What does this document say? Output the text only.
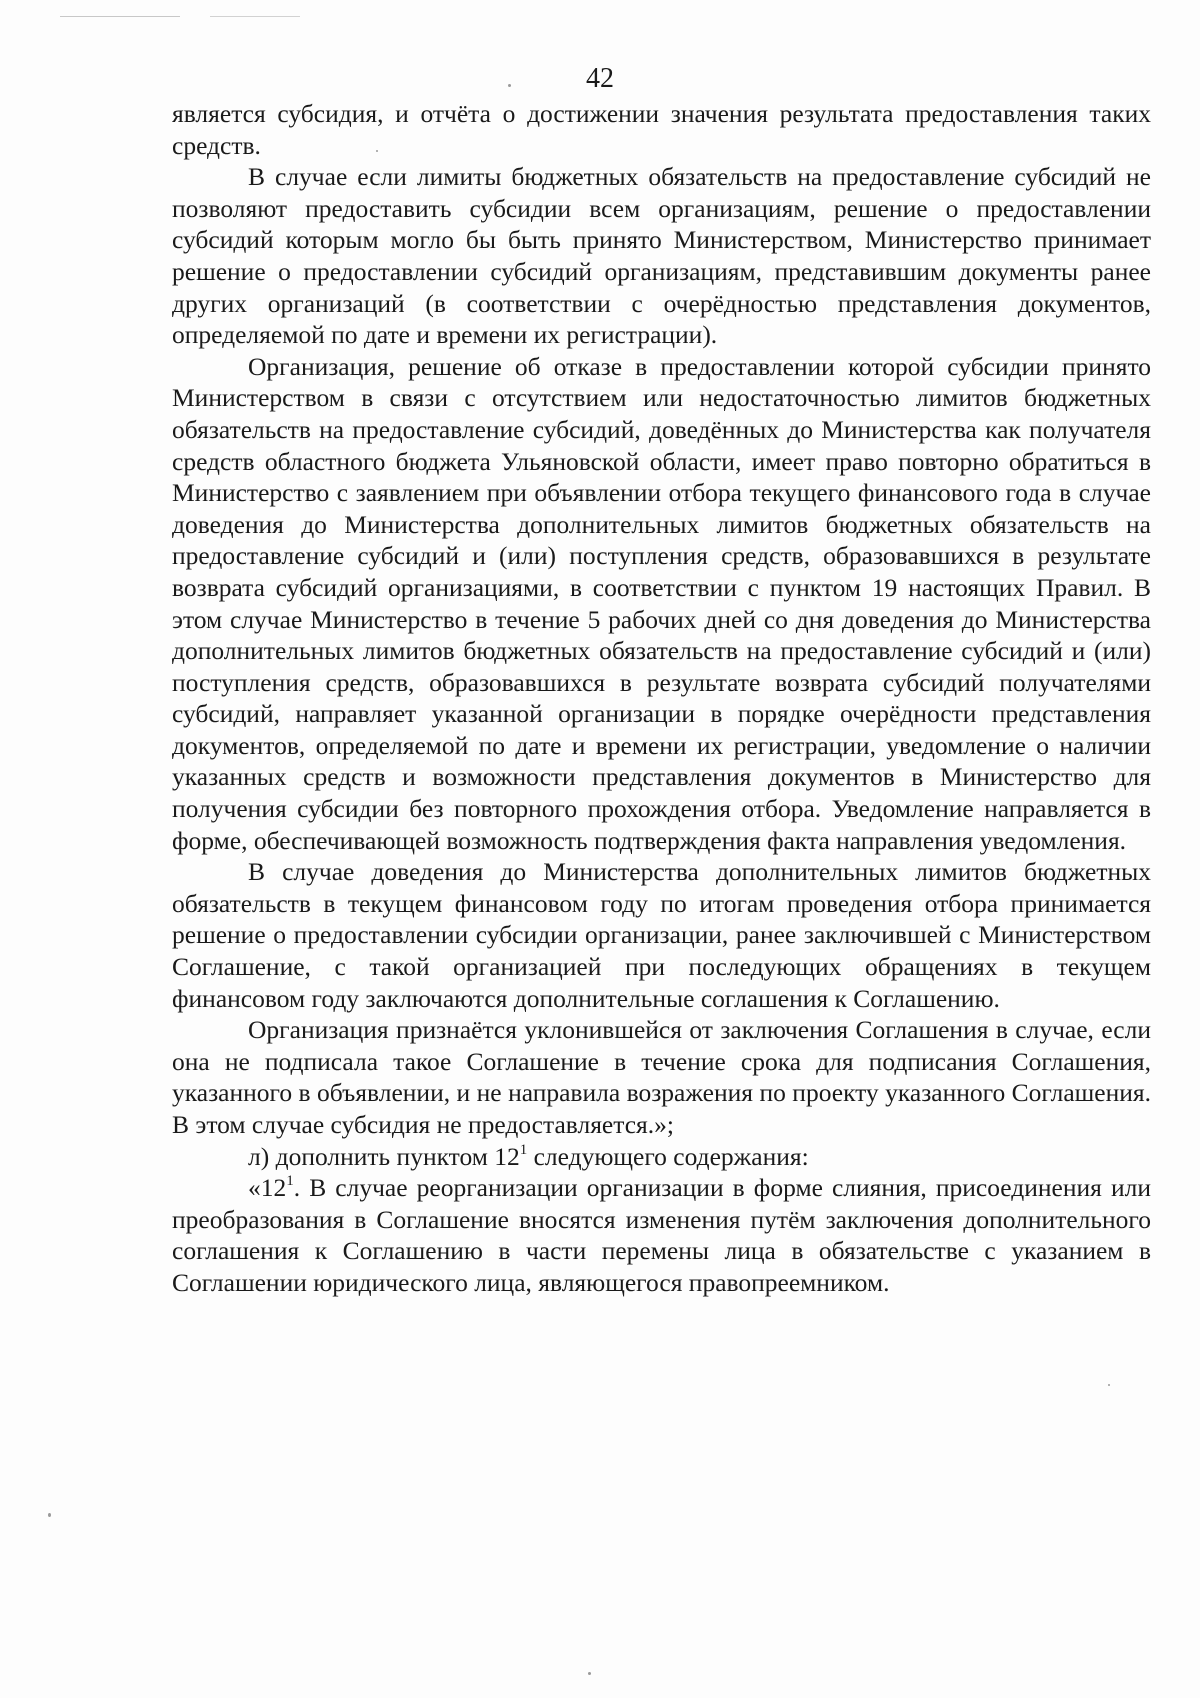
42

является субсидия, и отчёта о достижении значения результата предоставления таких средств.

В случае если лимиты бюджетных обязательств на предоставление субсидий не позволяют предоставить субсидии всем организациям, решение о предоставлении субсидий которым могло бы быть принято Министерством, Министерство принимает решение о предоставлении субсидий организациям, представившим документы ранее других организаций (в соответствии с очерёдностью представления документов, определяемой по дате и времени их регистрации).

Организация, решение об отказе в предоставлении которой субсидии принято Министерством в связи с отсутствием или недостаточностью лимитов бюджетных обязательств на предоставление субсидий, доведённых до Министерства как получателя средств областного бюджета Ульяновской области, имеет право повторно обратиться в Министерство с заявлением при объявлении отбора текущего финансового года в случае доведения до Министерства дополнительных лимитов бюджетных обязательств на предоставление субсидий и (или) поступления средств, образовавшихся в результате возврата субсидий организациями, в соответствии с пунктом 19 настоящих Правил. В этом случае Министерство в течение 5 рабочих дней со дня доведения до Министерства дополнительных лимитов бюджетных обязательств на предоставление субсидий и (или) поступления средств, образовавшихся в результате возврата субсидий получателями субсидий, направляет указанной организации в порядке очерёдности представления документов, определяемой по дате и времени их регистрации, уведомление о наличии указанных средств и возможности представления документов в Министерство для получения субсидии без повторного прохождения отбора. Уведомление направляется в форме, обеспечивающей возможность подтверждения факта направления уведомления.

В случае доведения до Министерства дополнительных лимитов бюджетных обязательств в текущем финансовом году по итогам проведения отбора принимается решение о предоставлении субсидии организации, ранее заключившей с Министерством Соглашение, с такой организацией при последующих обращениях в текущем финансовом году заключаются дополнительные соглашения к Соглашению.

Организация признаётся уклонившейся от заключения Соглашения в случае, если она не подписала такое Соглашение в течение срока для подписания Соглашения, указанного в объявлении, и не направила возражения по проекту указанного Соглашения. В этом случае субсидия не предоставляется.»;

л) дополнить пунктом $12^1$ следующего содержания:

«$12^1$. В случае реорганизации организации в форме слияния, присоединения или преобразования в Соглашение вносятся изменения путём заключения дополнительного соглашения к Соглашению в части перемены лица в обязательстве с указанием в Соглашении юридического лица, являющегося правопреемником.
